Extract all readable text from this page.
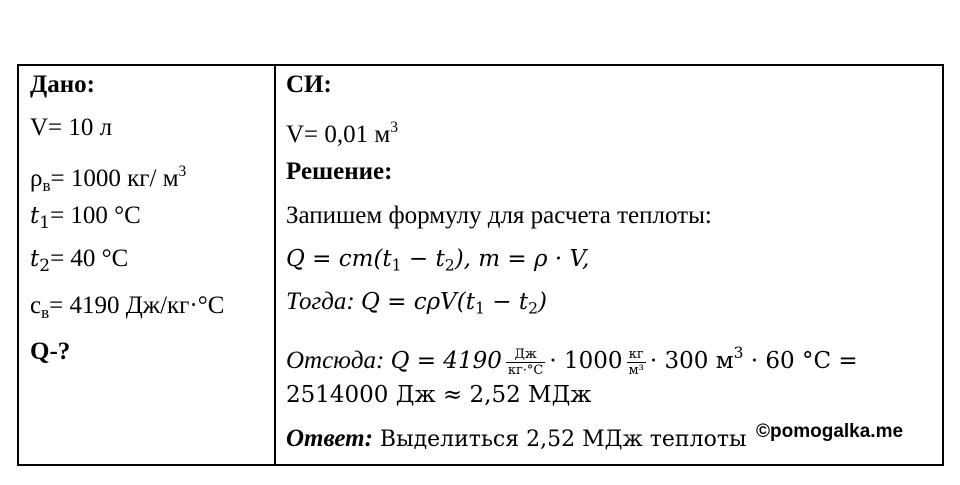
Дано:
V= 10 л
$\rho_в= 1000$ кг/ $м^3$
$t_1= 100$ °C
$t_2= 40$ °C
$с_в= 4190$ Дж/кг·°С
Q-?
СИ:
V= 0,01 $м^3$
Решение:
Запишем формулу для расчета теплоты:
$Q = cm(t_1 - t_2)$, m = ρ · V,
Тогда: $Q = c\rho V(t_1 - t_2)$
Отсюда: $Q = 4190 \frac{Дж}{кг\cdot^\circ С} \cdot 1000 \frac{кг}{\text{м³}} \cdot 300$ $м^3 \cdot 60$ °С =
2514000 Дж ≈ 2,52 МДж
Ответ: Выделиться 2,52 МДж теплоты ©pomogalka.me
